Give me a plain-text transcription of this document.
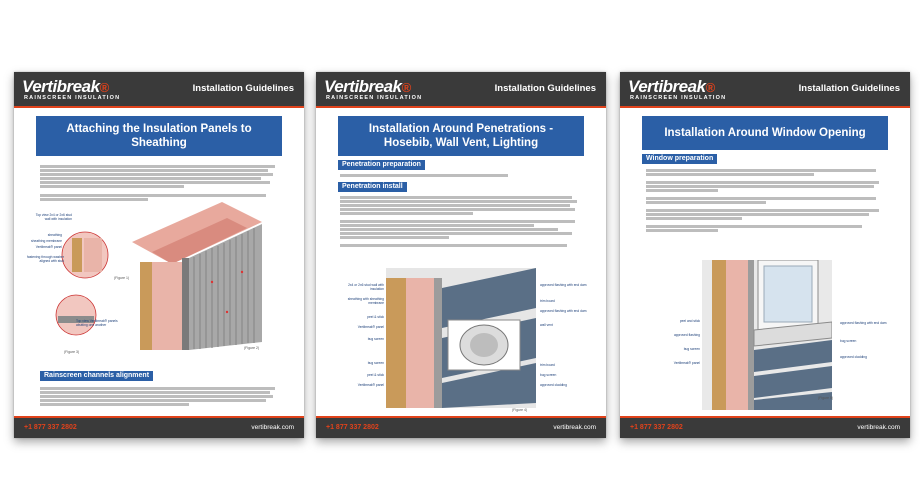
Vertibreak®
RAINSCREEN INSULATION
Installation Guidelines
Attaching the Insulation Panels to Sheathing
Top view 2x4 or 2x6 stud wall with insulation
sheathing
sheathing membrane
Vertibreak® panel
fastening through washer aligned with stud
Top view Vertibreak® panels abutting one another
(Figure 1)
(Figure 2)
(Figure 3)
Rainscreen channels alignment
+1 877 337 2802	vertibreak.com
Vertibreak®
RAINSCREEN INSULATION
Installation Guidelines
Installation Around Penetrations - Hosebib, Wall Vent, Lighting
Penetration preparation
Penetration install
2x4 or 2x6 stud wall with insulation
sheathing with sheathing membrane
peel & stick
Vertibreak® panel
bug screen
bug screen
peel & stick
Vertibreak® panel
approved flashing with end dam
trim board
approved flashing with end dam
wall vent
trim board
bug screen
approved cladding
(Figure 4)
+1 877 337 2802	vertibreak.com
Vertibreak®
RAINSCREEN INSULATION
Installation Guidelines
Installation Around Window Opening
Window preparation
peel and stick
approved flashing
bug screen
Vertibreak® panel
approved flashing with end dam
bug screen
approved cladding
(Figure 5)
+1 877 337 2802	vertibreak.com
